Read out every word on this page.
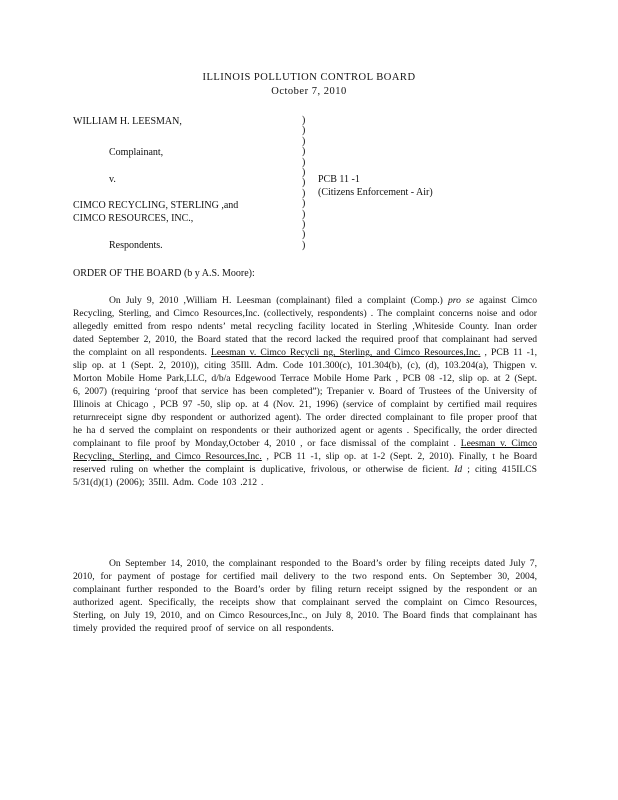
ILLINOIS POLLUTION CONTROL BOARD
October 7, 2010
WILLIAM H. LEESMAN,
Complainant,
v.
CIMCO RECYCLING, STERLING ,and
CIMCO RESOURCES, INC.,
Respondents.
)
)
)
)
)
)
)
)
)
)
)
)
)
PCB 11 -1
(Citizens Enforcement - Air)
ORDER OF THE BOARD (b y A.S. Moore):
On July 9, 2010 ,William H. Leesman (complainant) filed a complaint (Comp.) pro se against Cimco Recycling, Sterling, and Cimco Resources,Inc. (collectively, respondents) . The complaint concerns noise and odor allegedly emitted from respo ndents’ metal recycling facility located in Sterling ,Whiteside County. Inan order dated September 2, 2010, the Board stated that the record lacked the required proof that complainant had served the complaint on all respondents. Leesman v. Cimco Recycli ng, Sterling, and Cimco Resources,Inc. , PCB 11 -1, slip op. at 1 (Sept. 2, 2010)), citing 35Ill. Adm. Code 101.300(c), 101.304(b), (c), (d), 103.204(a), Thigpen v. Morton Mobile Home Park,LLC, d/b/a Edgewood Terrace Mobile Home Park , PCB 08 -12, slip op. at 2 (Sept. 6, 2007) (requiring ‘proof that service has been completed”); Trepanier v. Board of Trustees of the University of Illinois at Chicago , PCB 97 -50, slip op. at 4 (Nov. 21, 1996) (service of complaint by certified mail requires returnreceipt signe dby respondent or authorized agent). The order directed complainant to file proper proof that he ha d served the complaint on respondents or their authorized agent or agents . Specifically, the order directed complainant to file proof by Monday,October 4, 2010 , or face dismissal of the complaint . Leesman v. Cimco Recycling, Sterling, and Cimco Resources,Inc. , PCB 11 -1, slip op. at 1-2 (Sept. 2, 2010). Finally, t he Board reserved ruling on whether the complaint is duplicative, frivolous, or otherwise de ficient. Id ; citing 415ILCS 5/31(d)(1) (2006); 35Ill. Adm. Code 103 .212 .
On September 14, 2010, the complainant responded to the Board’s order by filing receipts dated July 7, 2010, for payment of postage for certified mail delivery to the two respond ents. On September 30, 2004, complainant further responded to the Board’s order by filing return receipt ssigned by the respondent or an authorized agent. Specifically, the receipts show that complainant served the complaint on Cimco Resources, Sterling, on July 19, 2010, and on Cimco Resources,Inc., on July 8, 2010. The Board finds that complainant has timely provided the required proof of service on all respondents.
